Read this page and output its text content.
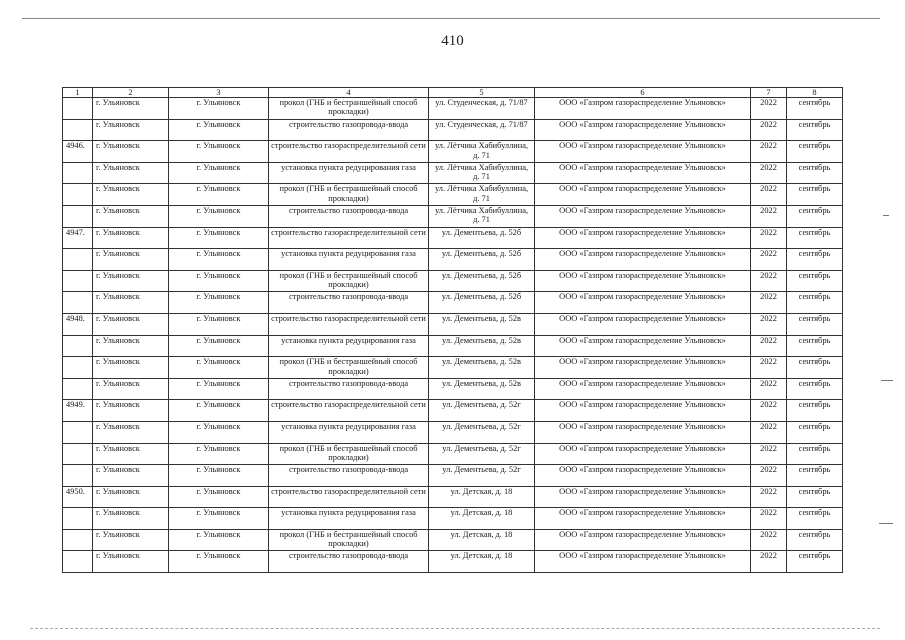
410
1	2	3	4	5	6	7	8
	г. Ульяновск	г. Ульяновск	прокол (ГНБ и бестраншейный способ прокладки)	ул. Студенческая, д. 71/87	ООО «Газпром газораспределение Ульяновск»	2022	сентябрь
	г. Ульяновск	г. Ульяновск	строительство газопровода-ввода	ул. Студенческая, д. 71/87	ООО «Газпром газораспределение Ульяновск»	2022	сентябрь
4946.	г. Ульяновск	г. Ульяновск	строительство газораспределительной сети	ул. Лётчика Хабибуллина, д. 71	ООО «Газпром газораспределение Ульяновск»	2022	сентябрь
	г. Ульяновск	г. Ульяновск	установка пункта редуцирования газа	ул. Лётчика Хабибуллина, д. 71	ООО «Газпром газораспределение Ульяновск»	2022	сентябрь
	г. Ульяновск	г. Ульяновск	прокол (ГНБ и бестраншейный способ прокладки)	ул. Лётчика Хабибуллина, д. 71	ООО «Газпром газораспределение Ульяновск»	2022	сентябрь
	г. Ульяновск	г. Ульяновск	строительство газопровода-ввода	ул. Лётчика Хабибуллина, д. 71	ООО «Газпром газораспределение Ульяновск»	2022	сентябрь
4947.	г. Ульяновск	г. Ульяновск	строительство газораспределительной сети	ул. Дементьева, д. 52б	ООО «Газпром газораспределение Ульяновск»	2022	сентябрь
	г. Ульяновск	г. Ульяновск	установка пункта редуцирования газа	ул. Дементьева, д. 52б	ООО «Газпром газораспределение Ульяновск»	2022	сентябрь
	г. Ульяновск	г. Ульяновск	прокол (ГНБ и бестраншейный способ прокладки)	ул. Дементьева, д. 52б	ООО «Газпром газораспределение Ульяновск»	2022	сентябрь
	г. Ульяновск	г. Ульяновск	строительство газопровода-ввода	ул. Дементьева, д. 52б	ООО «Газпром газораспределение Ульяновск»	2022	сентябрь
4948.	г. Ульяновск	г. Ульяновск	строительство газораспределительной сети	ул. Дементьева, д. 52в	ООО «Газпром газораспределение Ульяновск»	2022	сентябрь
	г. Ульяновск	г. Ульяновск	установка пункта редуцирования газа	ул. Дементьева, д. 52в	ООО «Газпром газораспределение Ульяновск»	2022	сентябрь
	г. Ульяновск	г. Ульяновск	прокол (ГНБ и бестраншейный способ прокладки)	ул. Дементьева, д. 52в	ООО «Газпром газораспределение Ульяновск»	2022	сентябрь
	г. Ульяновск	г. Ульяновск	строительство газопровода-ввода	ул. Дементьева, д. 52в	ООО «Газпром газораспределение Ульяновск»	2022	сентябрь
4949.	г. Ульяновск	г. Ульяновск	строительство газораспределительной сети	ул. Дементьева, д. 52г	ООО «Газпром газораспределение Ульяновск»	2022	сентябрь
	г. Ульяновск	г. Ульяновск	установка пункта редуцирования газа	ул. Дементьева, д. 52г	ООО «Газпром газораспределение Ульяновск»	2022	сентябрь
	г. Ульяновск	г. Ульяновск	прокол (ГНБ и бестраншейный способ прокладки)	ул. Дементьева, д. 52г	ООО «Газпром газораспределение Ульяновск»	2022	сентябрь
	г. Ульяновск	г. Ульяновск	строительство газопровода-ввода	ул. Дементьева, д. 52г	ООО «Газпром газораспределение Ульяновск»	2022	сентябрь
4950.	г. Ульяновск	г. Ульяновск	строительство газораспределительной сети	ул. Детская, д. 18	ООО «Газпром газораспределение Ульяновск»	2022	сентябрь
	г. Ульяновск	г. Ульяновск	установка пункта редуцирования газа	ул. Детская, д. 18	ООО «Газпром газораспределение Ульяновск»	2022	сентябрь
	г. Ульяновск	г. Ульяновск	прокол (ГНБ и бестраншейный способ прокладки)	ул. Детская, д. 18	ООО «Газпром газораспределение Ульяновск»	2022	сентябрь
	г. Ульяновск	г. Ульяновск	строительство газопровода-ввода	ул. Детская, д. 18	ООО «Газпром газораспределение Ульяновск»	2022	сентябрь
